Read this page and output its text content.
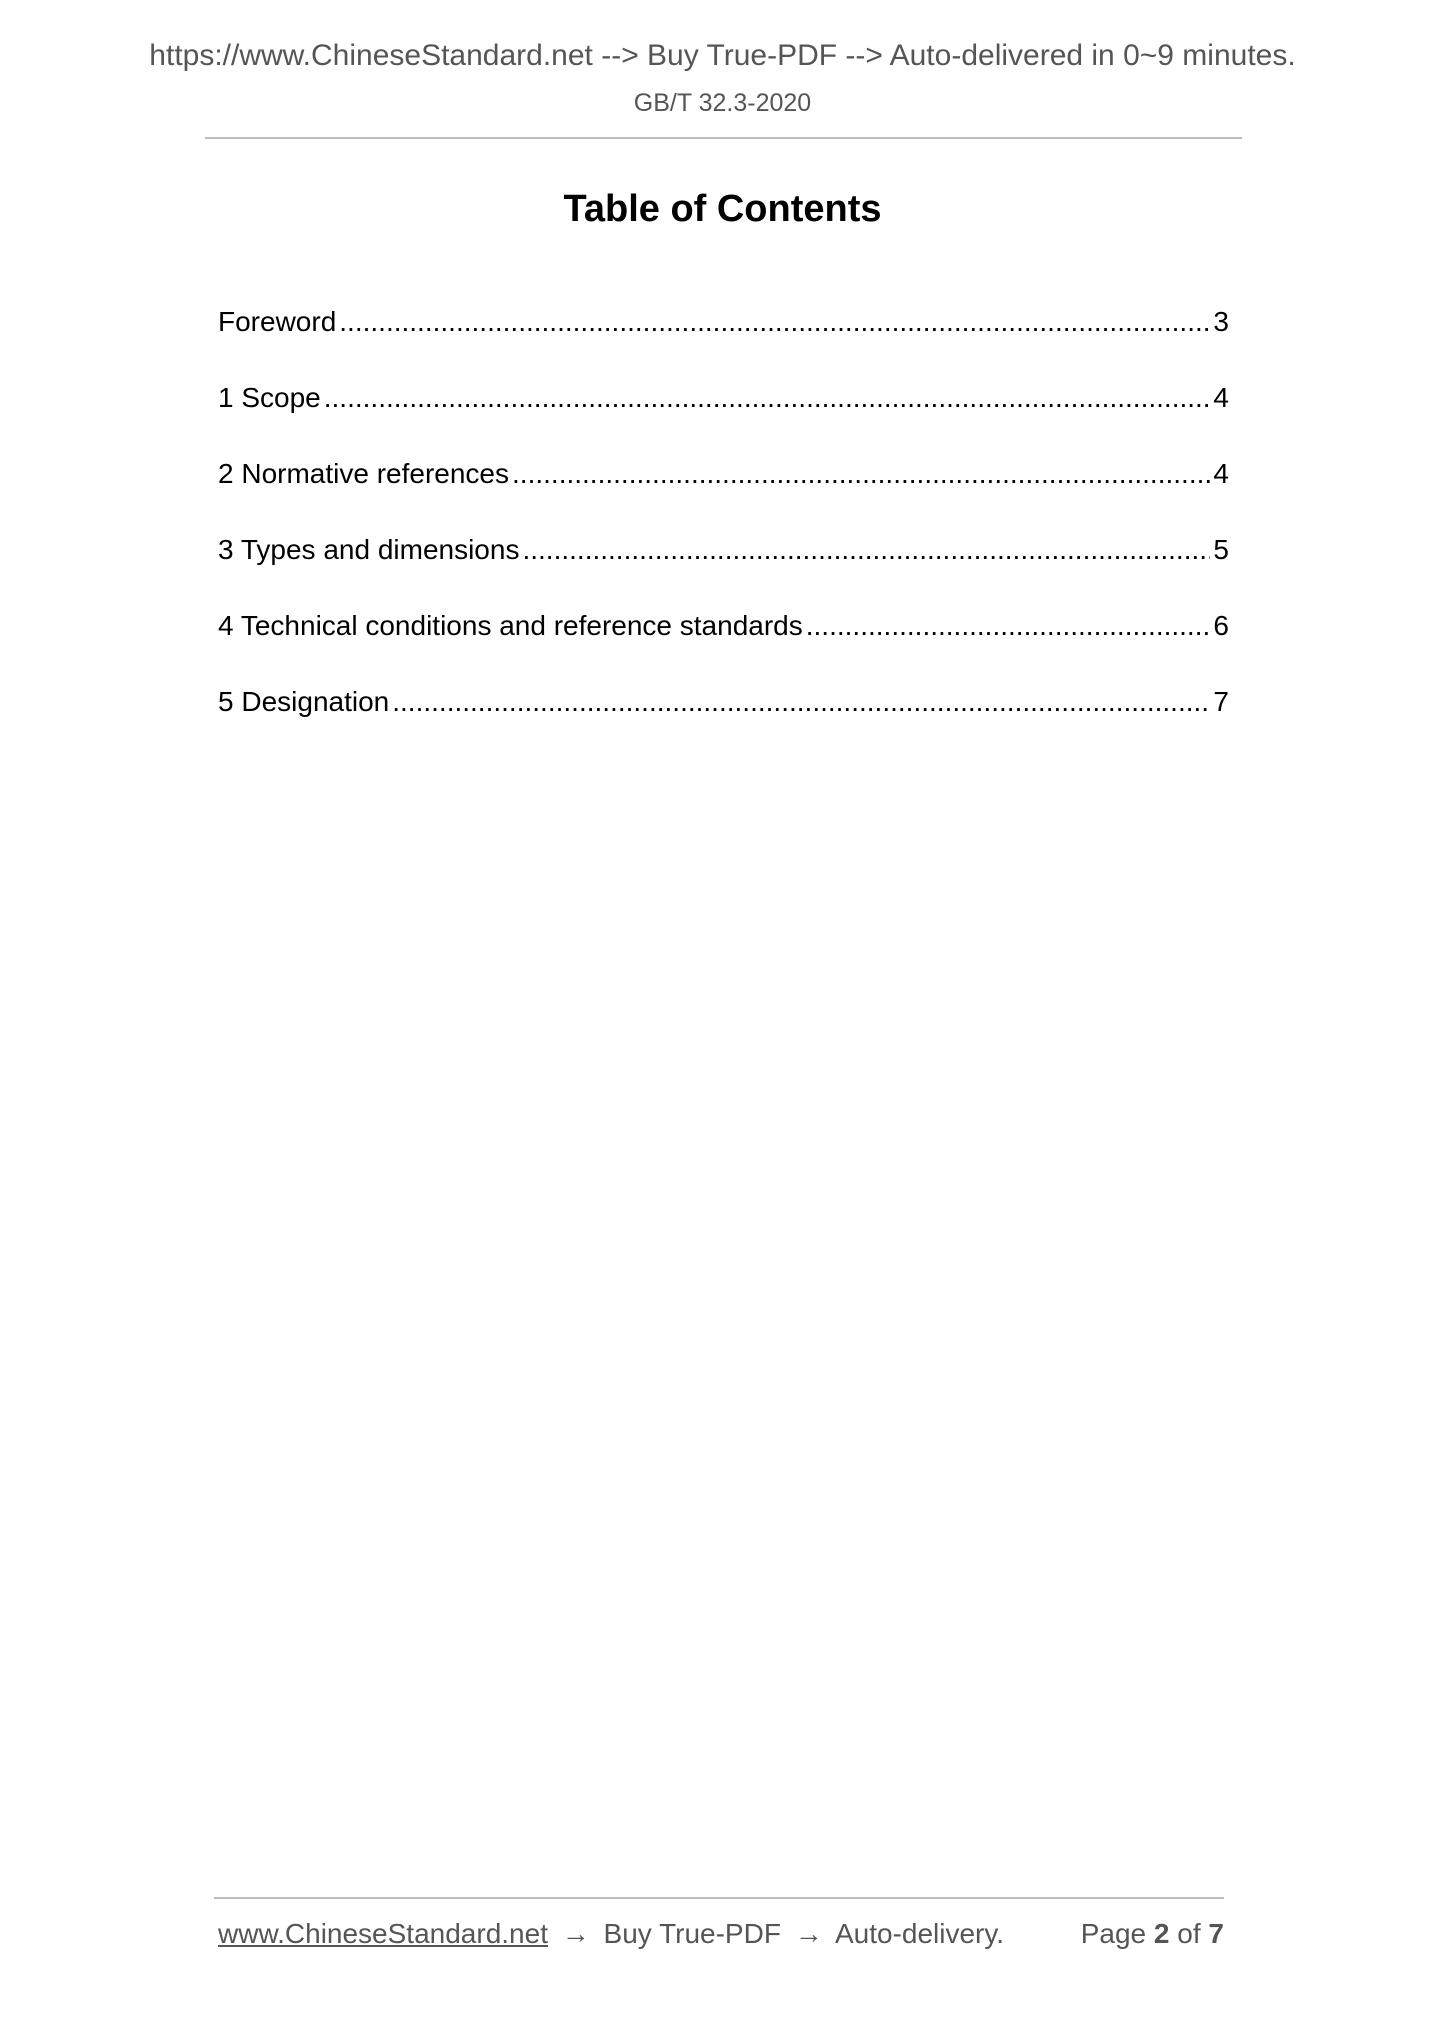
https://www.ChineseStandard.net --> Buy True-PDF --> Auto-delivered in 0~9 minutes.
GB/T 32.3-2020
Table of Contents
Foreword .....	3
1 Scope .....	4
2 Normative references .....	4
3 Types and dimensions .....	5
4 Technical conditions and reference standards .....	6
5 Designation .....	7
www.ChineseStandard.net → Buy True-PDF → Auto-delivery.	Page 2 of 7
